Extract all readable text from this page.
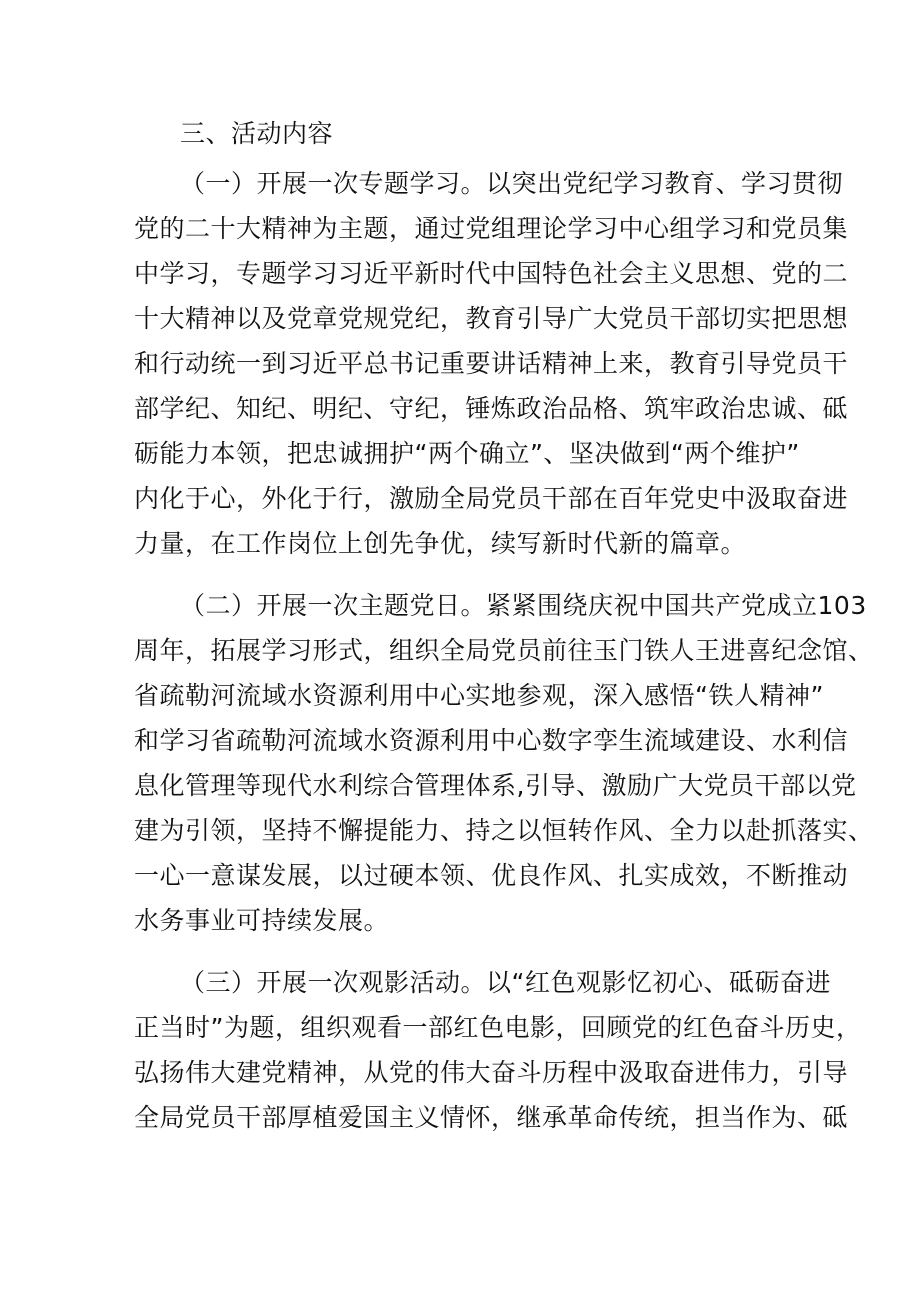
三、活动内容
（一）开展一次专题学习。以突出党纪学习教育、学习贯彻
党的二十大精神为主题，通过党组理论学习中心组学习和党员集
中学习，专题学习习近平新时代中国特色社会主义思想、党的二
十大精神以及党章党规党纪，教育引导广大党员干部切实把思想
和行动统一到习近平总书记重要讲话精神上来，教育引导党员干
部学纪、知纪、明纪、守纪，锤炼政治品格、筑牢政治忠诚、砥
砺能力本领，把忠诚拥护“两个确立”、坚决做到“两个维护”
内化于心，外化于行，激励全局党员干部在百年党史中汲取奋进
力量，在工作岗位上创先争优，续写新时代新的篇章。
（二）开展一次主题党日。紧紧围绕庆祝中国共产党成立103
周年，拓展学习形式，组织全局党员前往玉门铁人王进喜纪念馆、
省疏勒河流域水资源利用中心实地参观，深入感悟“铁人精神”
和学习省疏勒河流域水资源利用中心数字孪生流域建设、水利信
息化管理等现代水利综合管理体系,引导、激励广大党员干部以党
建为引领，坚持不懈提能力、持之以恒转作风、全力以赴抓落实、
一心一意谋发展，以过硬本领、优良作风、扎实成效，不断推动
水务事业可持续发展。
（三）开展一次观影活动。以“红色观影忆初心、砥砺奋进
正当时”为题，组织观看一部红色电影，回顾党的红色奋斗历史，
弘扬伟大建党精神，从党的伟大奋斗历程中汲取奋进伟力，引导
全局党员干部厚植爱国主义情怀，继承革命传统，担当作为、砥
